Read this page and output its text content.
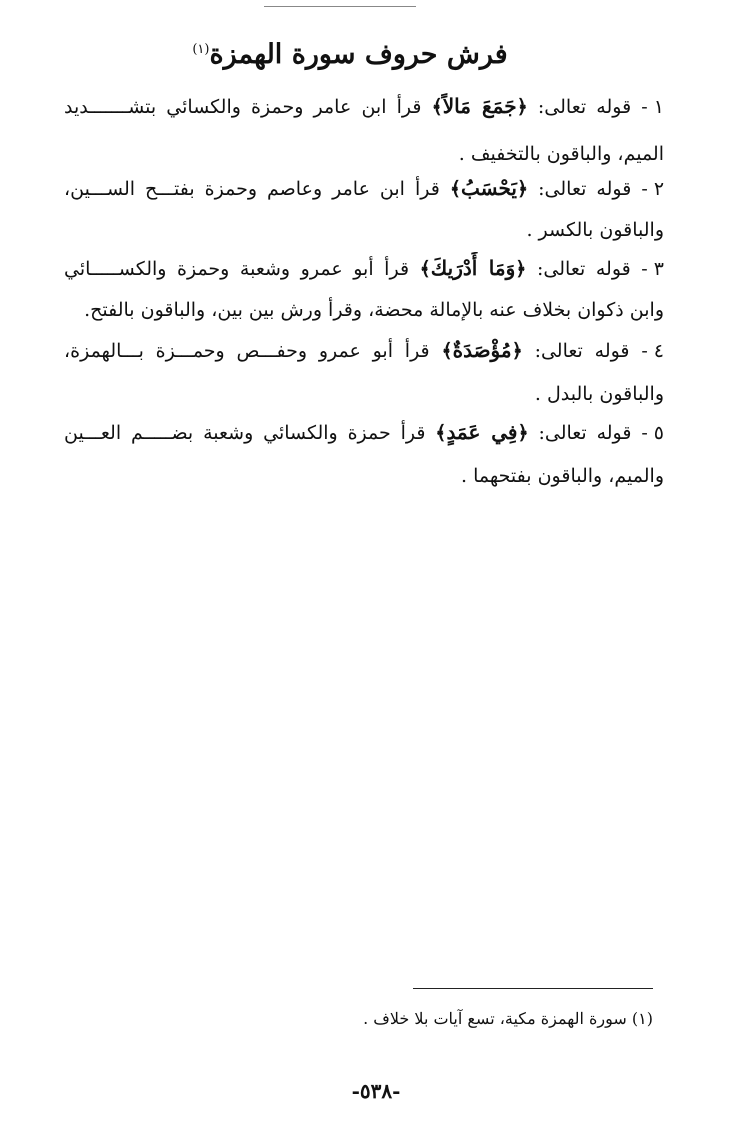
فرش حروف سورة الهمزة$^{(١)}$
١ - قوله تعالى: ﴿جَمَعَ مَالاً﴾ قرأ ابن عامر وحمزة والكسائي بتشـــــــديد
الميم، والباقون بالتخفيف .
٢ - قوله تعالى: ﴿يَحْسَبُ﴾ قرأ ابن عامر وعاصم وحمزة بفتـــح الســـين،
والباقون بالكسر .
٣ - قوله تعالى: ﴿وَمَا أَدْرَيكَ﴾ قرأ أبو عمرو وشعبة وحمزة والكســـــائي
وابن ذكوان بخلاف عنه بالإمالة محضة، وقرأ ورش بين بين، والباقون بالفتح.
٤ - قوله تعالى: ﴿مُؤْصَدَةٌ﴾ قرأ أبو عمرو وحفـــص وحمـــزة بـــالهمزة،
والباقون بالبدل .
٥ - قوله تعالى: ﴿فِي عَمَدٍ﴾ قرأ حمزة والكسائي وشعبة بضـــــم العـــين
والميم، والباقون بفتحهما .
(١) سورة الهمزة مكية، تسع آيات بلا خلاف .
-٥٣٨-
